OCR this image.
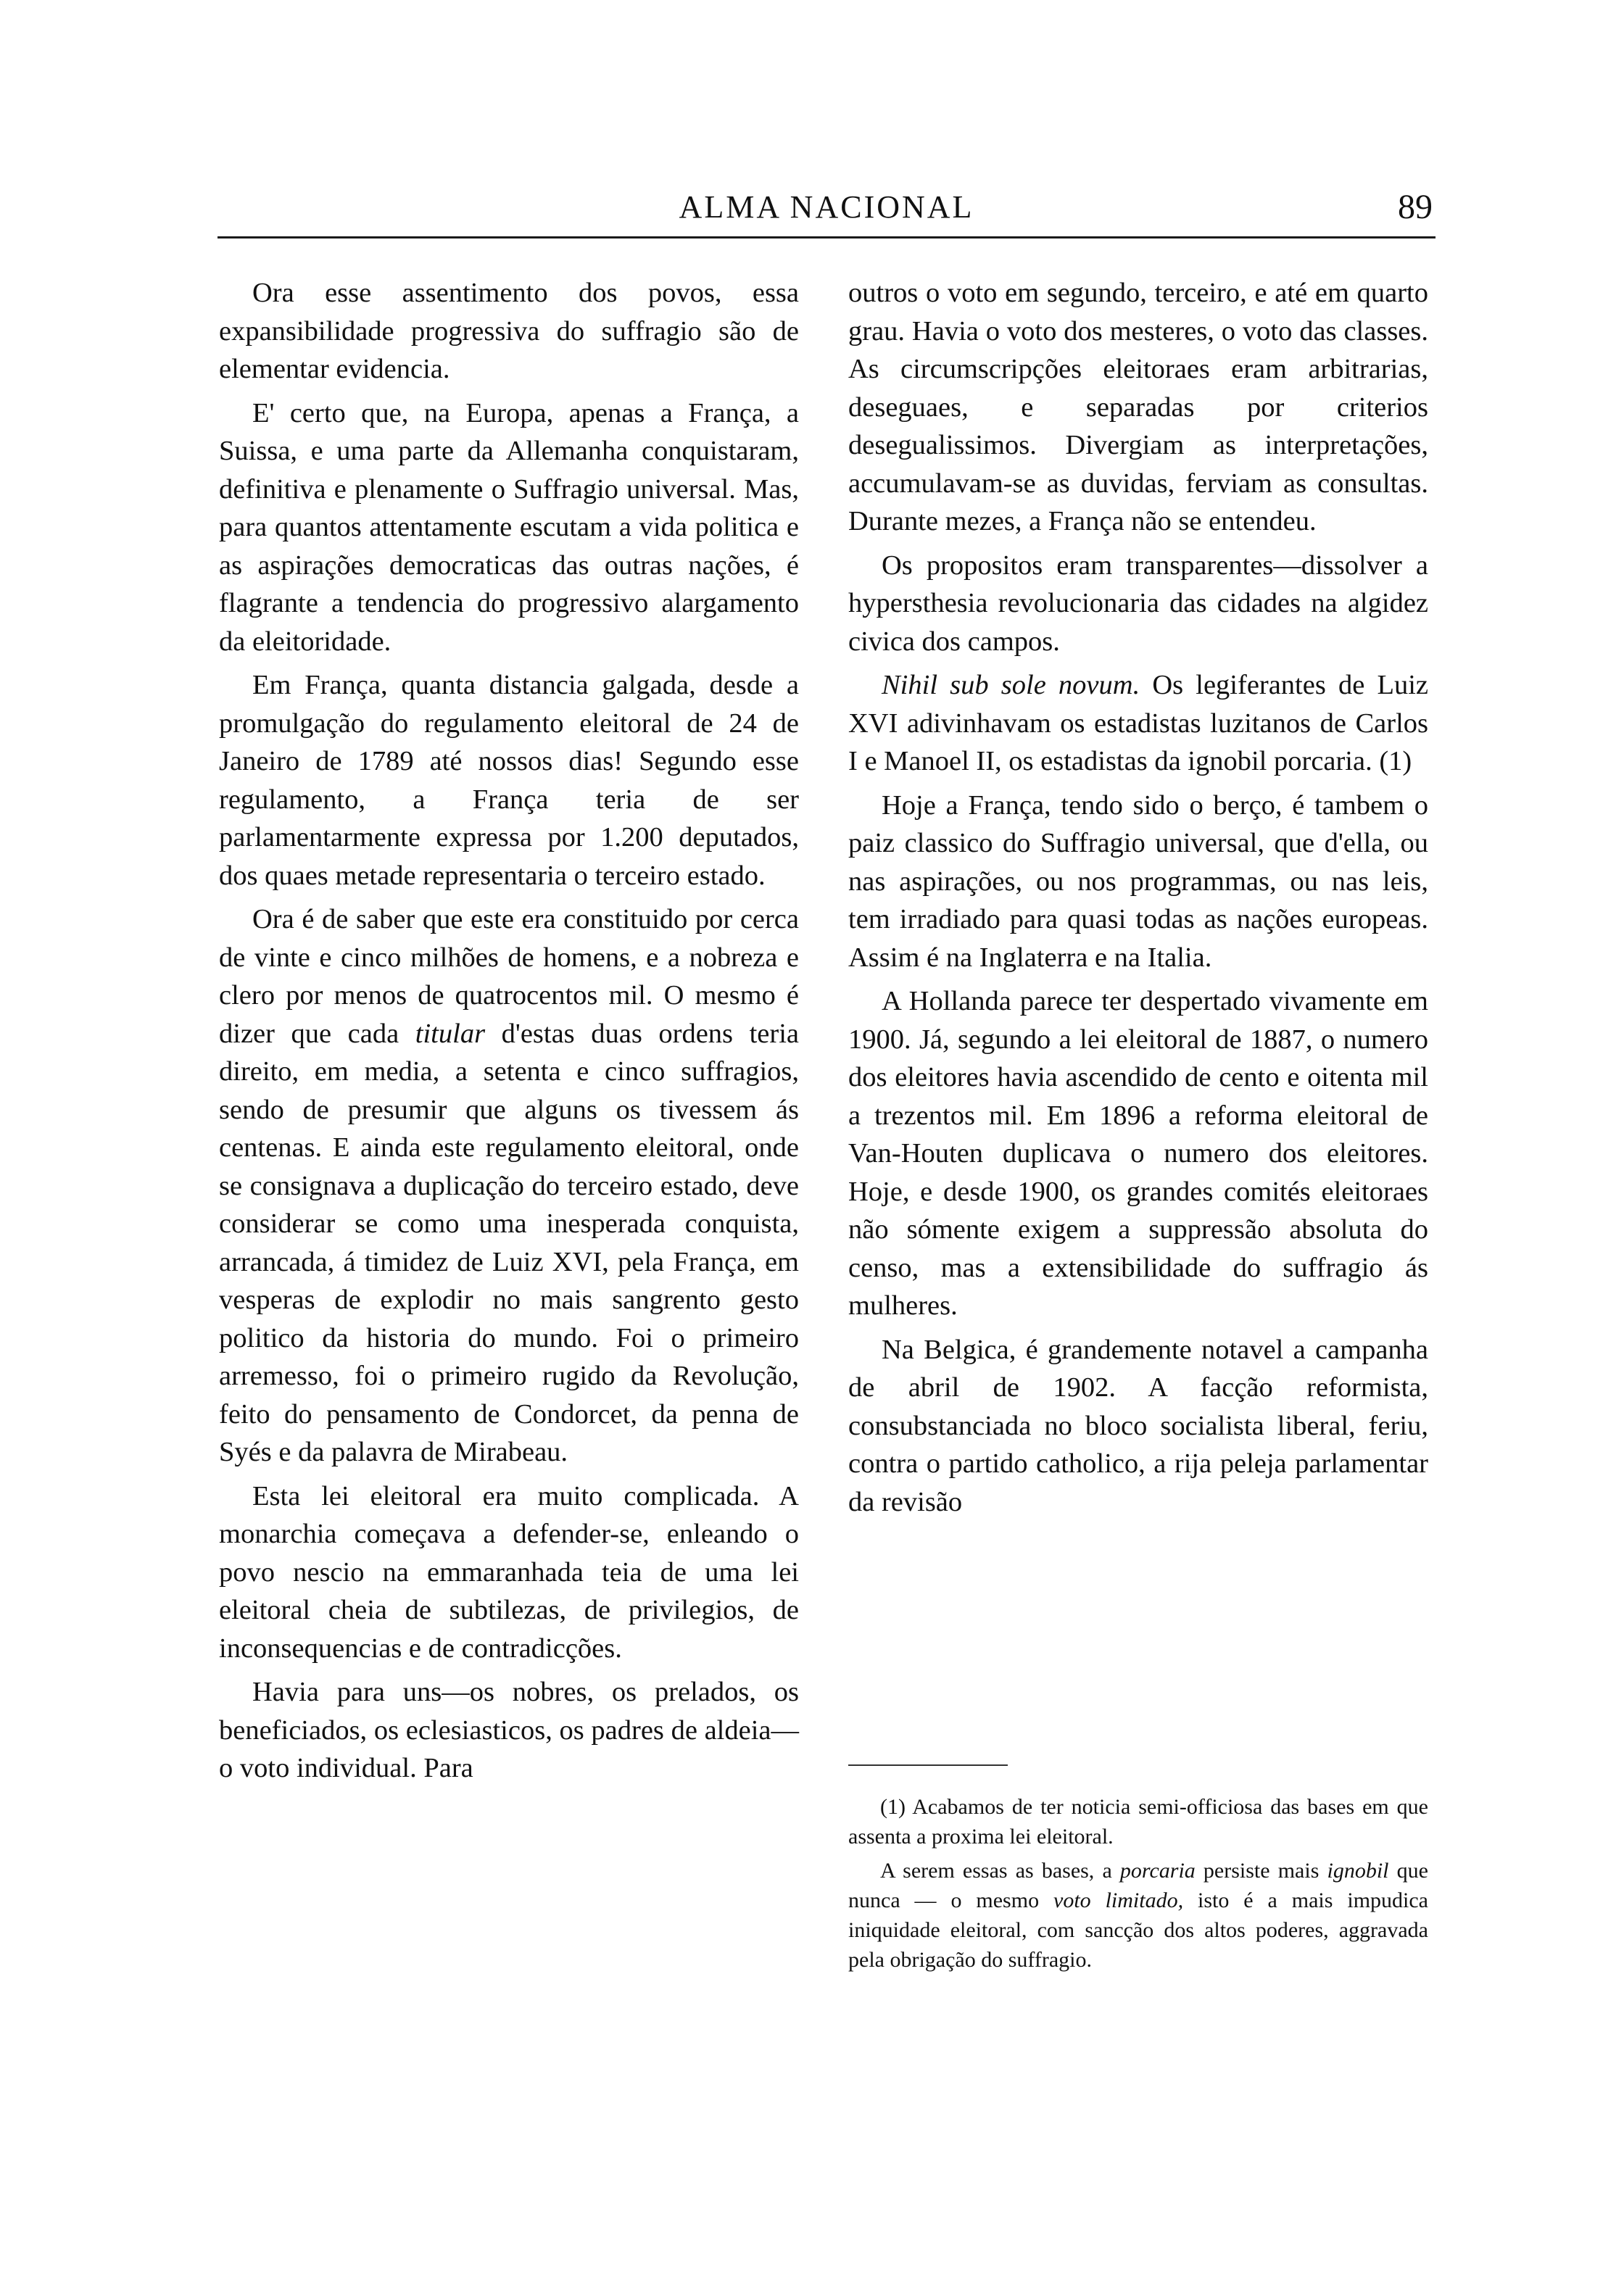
ALMA NACIONAL	89

Ora esse assentimento dos povos, essa expansibilidade progressiva do suffragio são de elementar evidencia.

E' certo que, na Europa, apenas a França, a Suissa, e uma parte da Allemanha conquistaram, definitiva e plenamente o Suffragio universal. Mas, para quantos attentamente escutam a vida politica e as aspirações democraticas das outras nações, é flagrante a tendencia do progressivo alargamento da eleitoridade.

Em França, quanta distancia galgada, desde a promulgação do regulamento eleitoral de 24 de Janeiro de 1789 até nossos dias! Segundo esse regulamento, a França teria de ser parlamentarmente expressa por 1.200 deputados, dos quaes metade representaria o terceiro estado.

Ora é de saber que este era constituido por cerca de vinte e cinco milhões de homens, e a nobreza e clero por menos de quatrocentos mil. O mesmo é dizer que cada titular d'estas duas ordens teria direito, em media, a setenta e cinco suffragios, sendo de presumir que alguns os tivessem ás centenas. E ainda este regulamento eleitoral, onde se consignava a duplicação do terceiro estado, deve considerar se como uma inesperada conquista, arrancada, á timidez de Luiz XVI, pela França, em vesperas de explodir no mais sangrento gesto politico da historia do mundo. Foi o primeiro arremesso, foi o primeiro rugido da Revolução, feito do pensamento de Condorcet, da penna de Syés e da palavra de Mirabeau.

Esta lei eleitoral era muito complicada. A monarchia começava a defender-se, enleando o povo nescio na emmaranhada teia de uma lei eleitoral cheia de subtilezas, de privilegios, de inconsequencias e de contradicções.

Havia para uns—os nobres, os prelados, os beneficiados, os eclesiasticos, os padres de aldeia—o voto individual. Para

outros o voto em segundo, terceiro, e até em quarto grau. Havia o voto dos mesteres, o voto das classes. As circumscripções eleitoraes eram arbitrarias, deseguaes, e separadas por criterios desegualissimos. Divergiam as interpretações, accumulavam-se as duvidas, ferviam as consultas. Durante mezes, a França não se entendeu.

Os propositos eram transparentes—dissolver a hypersthesia revolucionaria das cidades na algidez civica dos campos.

Nihil sub sole novum. Os legiferantes de Luiz XVI adivinhavam os estadistas luzitanos de Carlos I e Manoel II, os estadistas da ignobil porcaria. (1)

Hoje a França, tendo sido o berço, é tambem o paiz classico do Suffragio universal, que d'ella, ou nas aspirações, ou nos programmas, ou nas leis, tem irradiado para quasi todas as nações europeas. Assim é na Inglaterra e na Italia.

A Hollanda parece ter despertado vivamente em 1900. Já, segundo a lei eleitoral de 1887, o numero dos eleitores havia ascendido de cento e oitenta mil a trezentos mil. Em 1896 a reforma eleitoral de Van-Houten duplicava o numero dos eleitores. Hoje, e desde 1900, os grandes comités eleitoraes não sómente exigem a suppressão absoluta do censo, mas a extensibilidade do suffragio ás mulheres.

Na Belgica, é grandemente notavel a campanha de abril de 1902. A facção reformista, consubstanciada no bloco socialista liberal, feriu, contra o partido catholico, a rija peleja parlamentar da revisão

(1) Acabamos de ter noticia semi-officiosa das bases em que assenta a proxima lei eleitoral.

A serem essas as bases, a porcaria persiste mais ignobil que nunca — o mesmo voto limitado, isto é a mais impudica iniquidade eleitoral, com sancção dos altos poderes, aggravada pela obrigação do suffragio.
